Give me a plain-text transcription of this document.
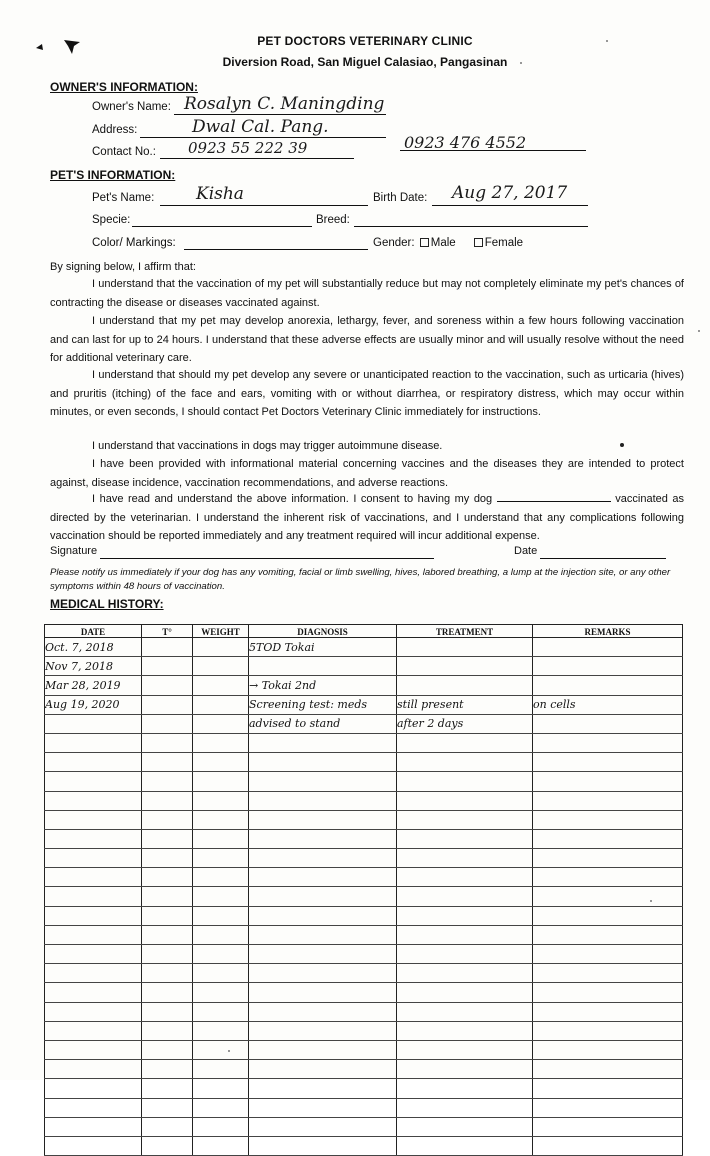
PET DOCTORS VETERINARY CLINIC
Diversion Road, San Miguel Calasiao, Pangasinan
OWNER'S INFORMATION:
Owner's Name: Rosalyn C. Maningding
Address:	Dwal Cal. Pang.
Contact No.: 0923 55 222 39	0923 476 4552
PET'S INFORMATION:
Pet's Name: Kisha	Birth Date: Aug 27, 2017
Specie:	Breed:
Color/ Markings:	Gender: Male	Female
By signing below, I affirm that:
I understand that the vaccination of my pet will substantially reduce but may not completely eliminate my pet's chances of contracting the disease or diseases vaccinated against.
I understand that my pet may develop anorexia, lethargy, fever, and soreness within a few hours following vaccination and can last for up to 24 hours. I understand that these adverse effects are usually minor and will usually resolve without the need for additional veterinary care.
I understand that should my pet develop any severe or unanticipated reaction to the vaccination, such as urticaria (hives) and pruritis (itching) of the face and ears, vomiting with or without diarrhea, or respiratory distress, which may occur within minutes, or even seconds, I should contact Pet Doctors Veterinary Clinic immediately for instructions.
I understand that vaccinations in dogs may trigger autoimmune disease.
I have been provided with informational material concerning vaccines and the diseases they are intended to protect against, disease incidence, vaccination recommendations, and adverse reactions.
I have read and understand the above information. I consent to having my dog	vaccinated as directed by the veterinarian. I understand the inherent risk of vaccinations, and I understand that any complications following vaccination should be reported immediately and any treatment required will incur additional expense.
Signature	Date
Please notify us immediately if your dog has any vomiting, facial or limb swelling, hives, labored breathing, a lump at the injection site, or any other symptoms within 48 hours of vaccination.
MEDICAL HISTORY:
DATE	T°	WEIGHT	DIAGNOSIS	TREATMENT	REMARKS
Oct. 7, 2018			5TOD Tokai		
Nov 7, 2018					
Mar 28, 2019			→ Tokai 2nd		
Aug 19, 2020			Screening test: meds	still present	on cells
			advised to stand	after 2 days	
